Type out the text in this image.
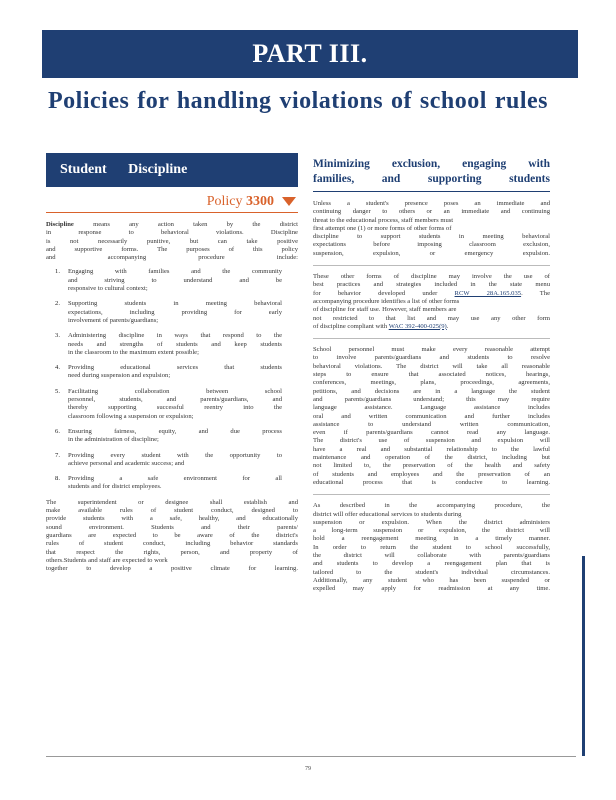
PART III.
Policies for handling violations of school rules
Student Discipline
Policy 3300
Discipline	means any action taken by the district
in response to behavioral violations. Discipline
is not necessarily punitive, but can take positive
and supportive forms. The purposes of this policy
and accompanying procedure include:
1.	Engaging with families and the community
and striving to understand and be
responsive to cultural context;
2.	Supporting students in meeting behavioral
expectations, including providing for early
involvement of parents/guardians;
3.	Administering discipline in ways that respond to the
needs and strengths of students and keep students
in the classroom to the maximum extent possible;
4.	Providing educational services that students
need during suspension and expulsion;
5.	Facilitating collaboration between school
personnel, students, and parents/guardians, and
thereby supporting successful reentry into the
classroom following a suspension or expulsion;
6.	Ensuring fairness, equity, and due process
in the administration of discipline;
7.	Providing every student with the opportunity to
achieve personal and academic success; and
8.	Providing a safe environment for all
students and for district employees.
The superintendent or designee shall establish and
make available rules of student conduct, designed to
provide students with a safe, healthy, and educationally
sound environment. Students and their parents/
guardians are expected to be aware of the district's
rules of student conduct, including behavior standards
that respect the rights, person, and property of
others.Students and staff are expected to work
together to develop a positive climate for learning.
Minimizing exclusion, engaging with
families, and supporting students
Unless a student's presence poses an immediate and
continuing danger to others or an immediate and continuing
threat to the educational process, staff members must
first attempt one (1) or more forms of other forms of
discipline to support students in meeting behavioral
expectations before imposing classroom exclusion,
suspension, expulsion, or emergency expulsion.
These other forms of discipline may involve the use of
best practices and strategies included in the state menu
for behavior developed under	RCW 28A.165.035. The
accompanying procedure identifies a list of other forms
of discipline for staff use. However, staff members are
not restricted to that list and may use any other form
of discipline compliant with WAC 392-400-025(9).
School personnel must make every reasonable attempt
to involve parents/guardians and students to resolve
behavioral violations. The district will take all reasonable
steps to ensure that associated notices, hearings,
conferences, meetings, plans, proceedings, agreements,
petitions, and decisions are in a language the student
and parents/guardians understand; this may require
language assistance. Language assistance includes
oral and written communication and further includes
assistance to understand written communication,
even if parents/guardians cannot read any language.
The district's use of suspension and expulsion will
have a real and substantial relationship to the lawful
maintenance and operation of the district, including but
not limited to, the preservation of the health and safety
of students and employees and the preservation of an
educational process that is conducive to learning.
As described in the accompanying procedure, the
district will offer educational services to students during
suspension or expulsion. When the district administers
a long-term suspension or expulsion, the district will
hold a reengagement meeting in a timely manner.
In order to return the student to school successfully,
the district will collaborate with parents/guardians
and students to develop a reengagement plan that is
tailored to the student's individual circumstances.
Additionally, any student who has been suspended or
expelled may apply for readmission at any time.
79
